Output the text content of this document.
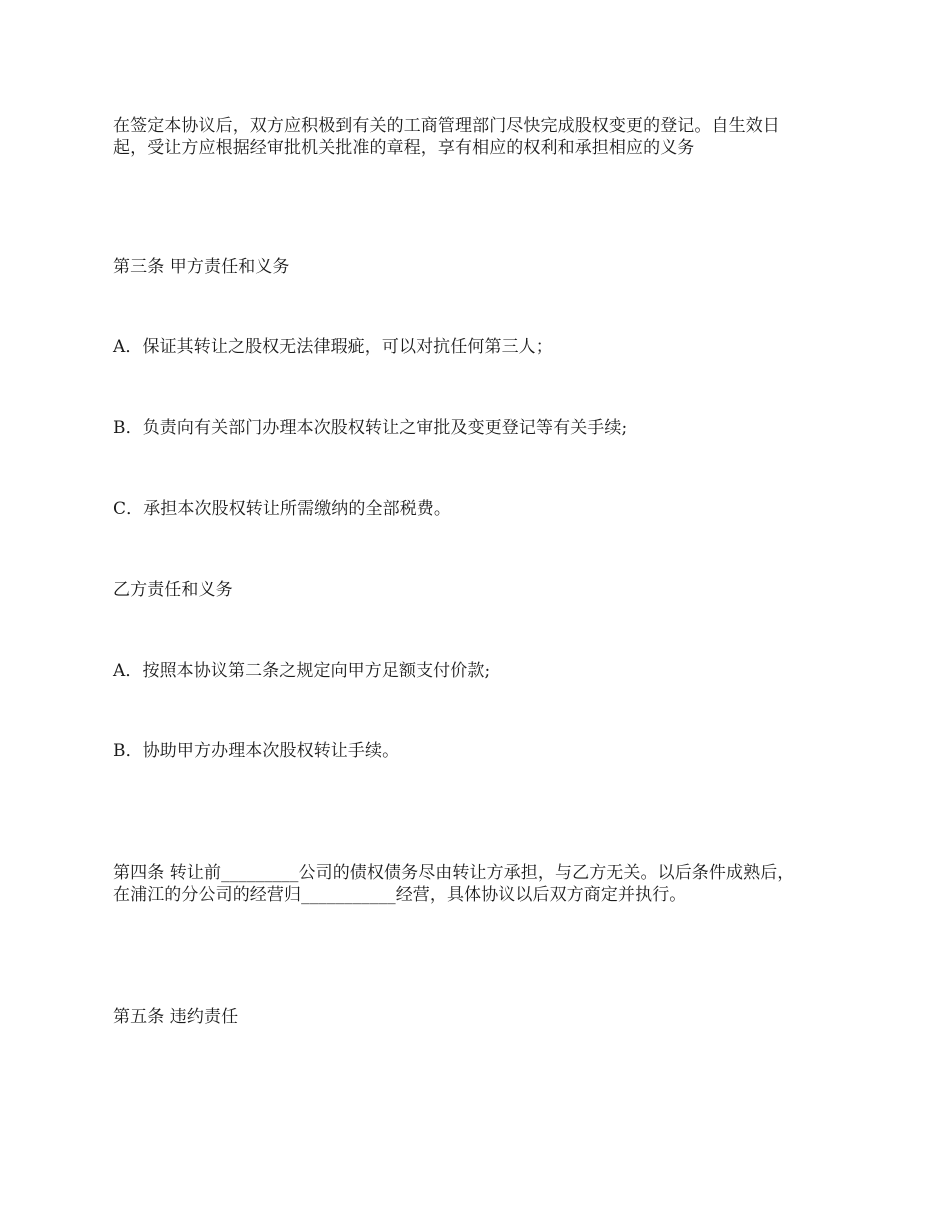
在签定本协议后，双方应积极到有关的工商管理部门尽快完成股权变更的登记。自生效日
起，受让方应根据经审批机关批准的章程，享有相应的权利和承担相应的义务

第三条 甲方责任和义务

A．保证其转让之股权无法律瑕疵，可以对抗任何第三人；

B．负责向有关部门办理本次股权转让之审批及变更登记等有关手续;

C．承担本次股权转让所需缴纳的全部税费。

乙方责任和义务

A．按照本协议第二条之规定向甲方足额支付价款;

B．协助甲方办理本次股权转让手续。

第四条 转让前_________公司的债权债务尽由转让方承担，与乙方无关。以后条件成熟后，
在浦江的分公司的经营归___________经营，具体协议以后双方商定并执行。

第五条 违约责任
